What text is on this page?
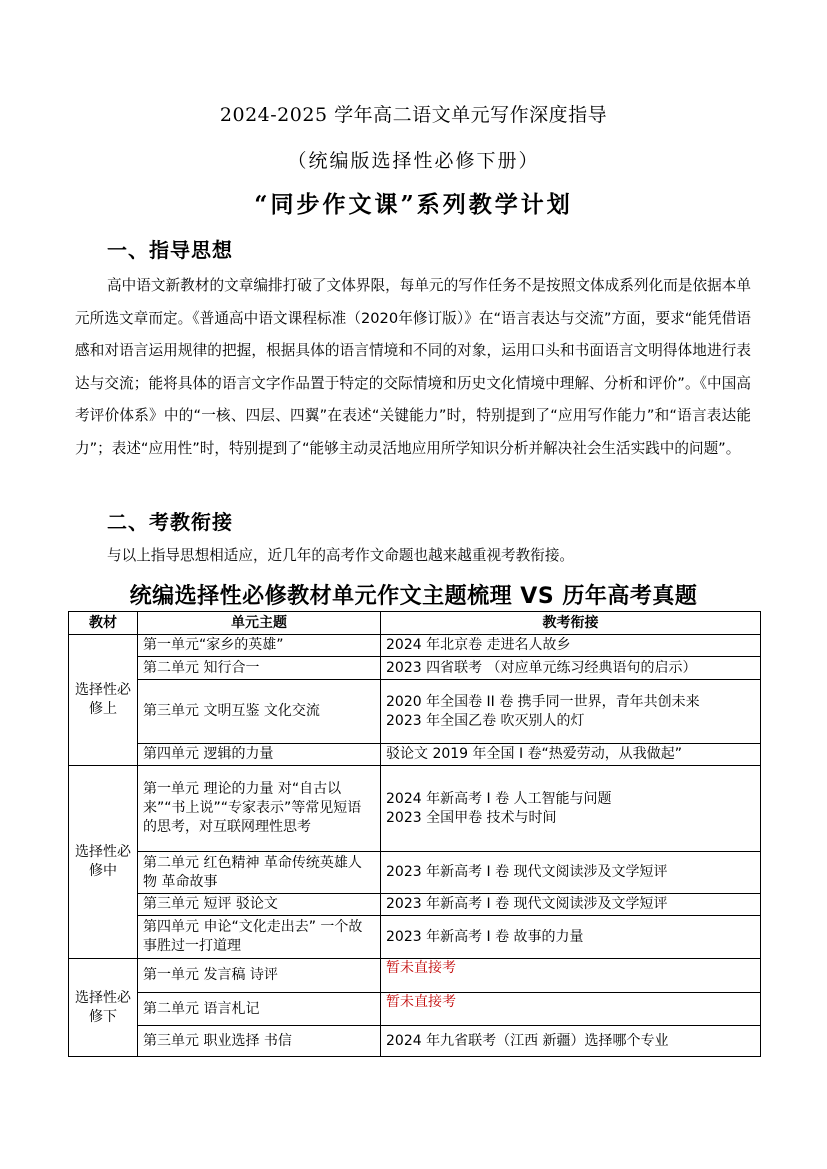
2024-2025 学年高二语文单元写作深度指导
（统编版选择性必修下册）
“同步作文课”系列教学计划
一、指导思想
高中语文新教材的文章编排打破了文体界限，每单元的写作任务不是按照文体成系列化而是依据本单元所选文章而定。《普通高中语文课程标准（2020年修订版）》在“语言表达与交流”方面，要求“能凭借语感和对语言运用规律的把握，根据具体的语言情境和不同的对象，运用口头和书面语言文明得体地进行表达与交流；能将具体的语言文字作品置于特定的交际情境和历史文化情境中理解、分析和评价”。《中国高考评价体系》中的“一核、四层、四翼”在表述“关键能力”时，特别提到了“应用写作能力”和“语言表达能力”；表述“应用性”时，特别提到了“能够主动灵活地应用所学知识分析并解决社会生活实践中的问题”。
二、考教衔接
与以上指导思想相适应，近几年的高考作文命题也越来越重视考教衔接。
统编选择性必修教材单元作文主题梳理 VS 历年高考真题
教材	单元主题	教考衔接
选择性必修上	第一单元“家乡的英雄”	2024 年北京卷 走进名人故乡
	第二单元 知行合一	2023 四省联考 （对应单元练习经典语句的启示）
	第三单元 文明互鉴 文化交流	2020 年全国卷 II 卷 携手同一世界，青年共创未来
2023 年全国乙卷 吹灭别人的灯

	第四单元 逻辑的力量	驳论文 2019 年全国 I 卷“热爱劳动，从我做起”
选择性必修中	第一单元 理论的力量 对“自古以来”“书上说”“专家表示”等常见短语的思考，对互联网理性思考	2024 年新高考 I 卷 人工智能与问题
2023 全国甲卷 技术与时间

	第二单元 红色精神 革命传统英雄人物 革命故事	2023 年新高考 I 卷 现代文阅读涉及文学短评
	第三单元 短评 驳论文	2023 年新高考 I 卷 现代文阅读涉及文学短评
	第四单元 申论“文化走出去” 一个故事胜过一打道理	2023 年新高考 I 卷 故事的力量
选择性必修下	第一单元 发言稿 诗评	暂未直接考
	第二单元 语言札记	暂未直接考
	第三单元 职业选择 书信	2024 年九省联考（江西 新疆）选择哪个专业
